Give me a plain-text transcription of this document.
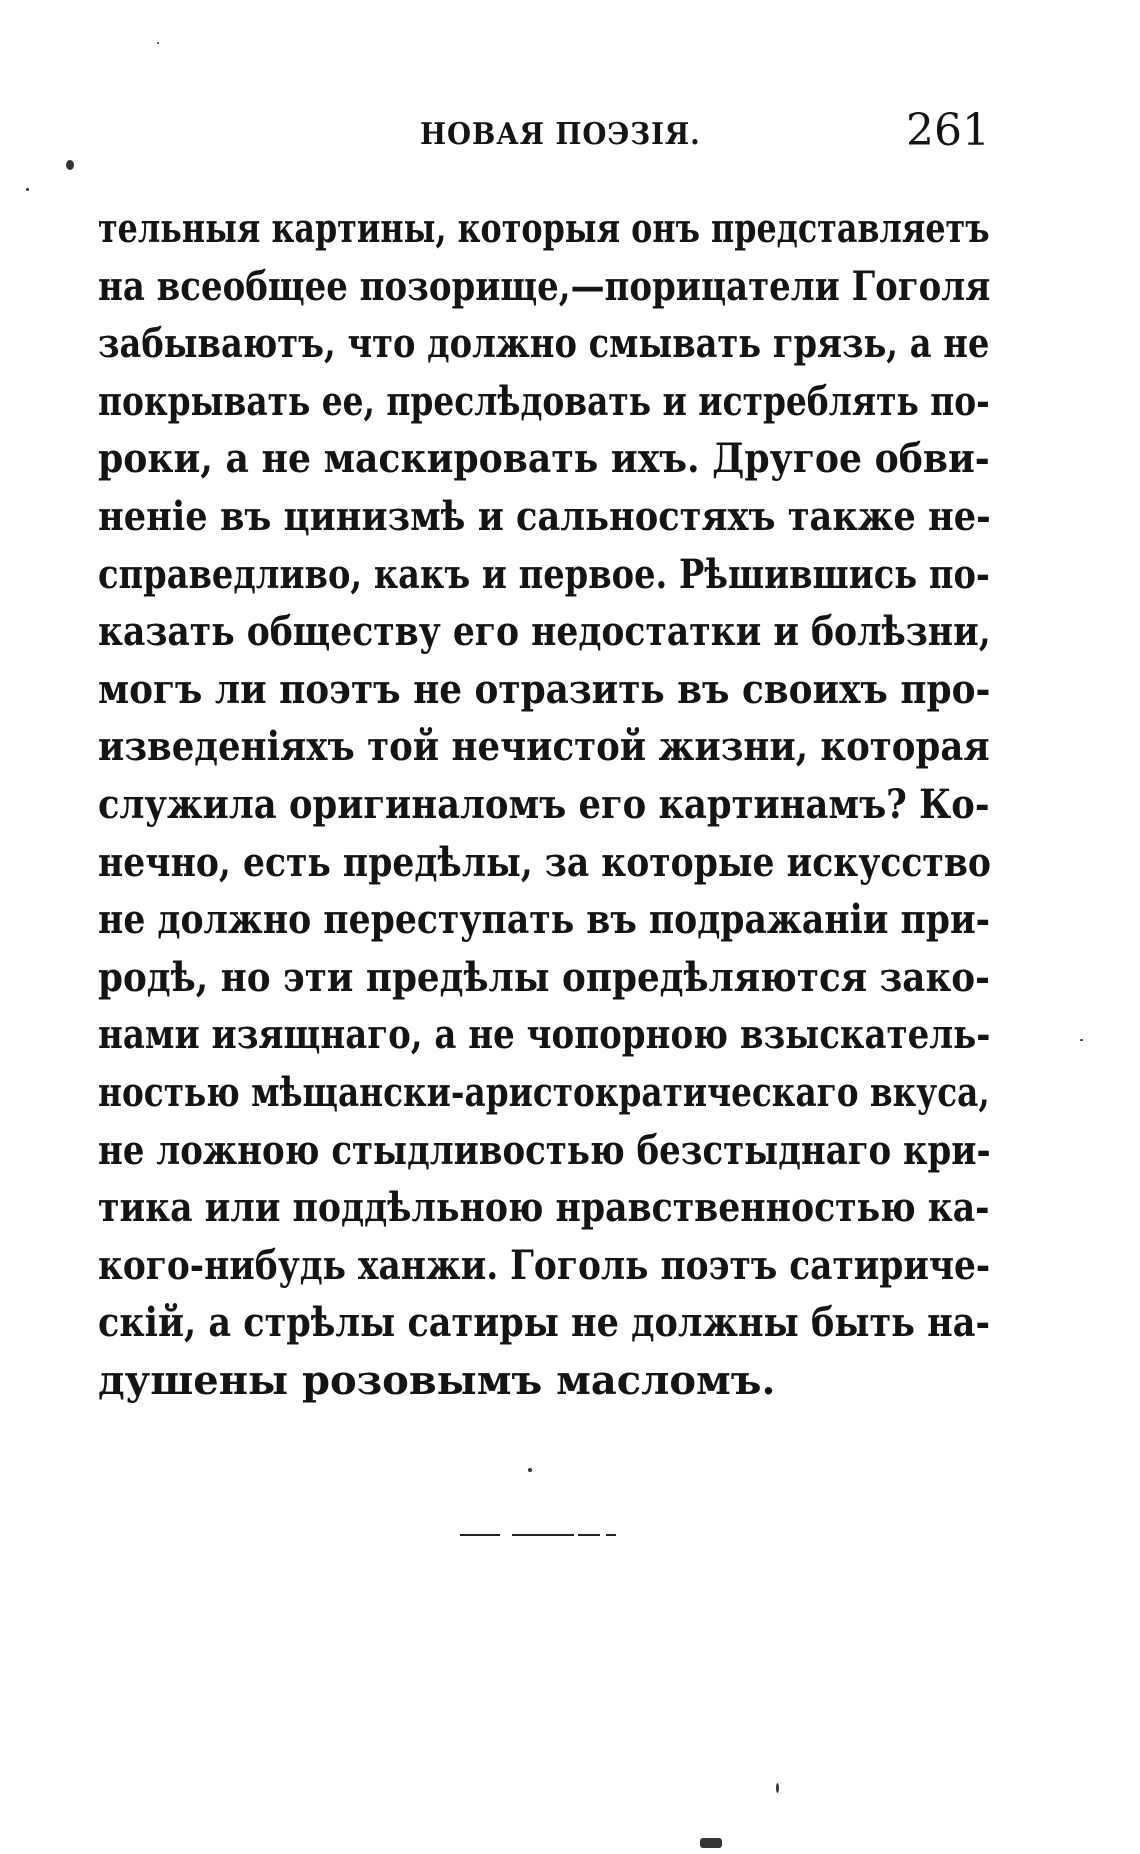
НОВАЯ ПОЭЗІЯ.	261
тельныя картины, которыя онъ представляетъ
на всеобщее позорище,—порицатели Гоголя
забываютъ, что должно смывать грязь, а не
покрывать ее, преслѣдовать и истреблять по-
роки, а не маскировать ихъ. Другое обви-
неніе въ цинизмѣ и сальностяхъ также не-
справедливо, какъ и первое. Рѣшившись по-
казать обществу его недостатки и болѣзни,
могъ ли поэтъ не отразить въ своихъ про-
изведеніяхъ той нечистой жизни, которая
служила оригиналомъ его картинамъ? Ко-
нечно, есть предѣлы, за которые искусство
не должно переступать въ подражаніи при-
родѣ, но эти предѣлы опредѣляются зако-
нами изящнаго, а не чопорною взыскатель-
ностью мѣщански-аристократическаго вкуса,
не ложною стыдливостью безстыднаго кри-
тика или поддѣльною нравственностью ка-
кого-нибудь ханжи. Гоголь поэтъ сатириче-
скій, а стрѣлы сатиры не должны быть на-
душены розовымъ масломъ.
